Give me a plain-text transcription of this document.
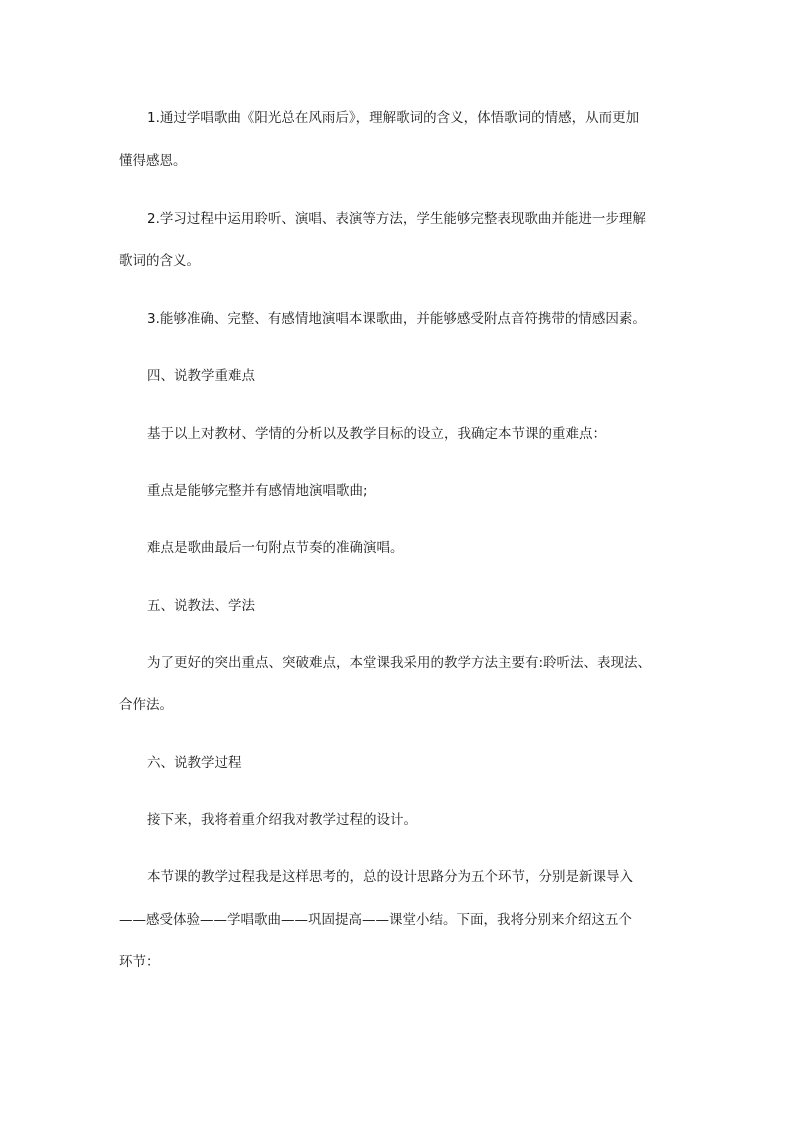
1.通过学唱歌曲《阳光总在风雨后》，理解歌词的含义，体悟歌词的情感，从而更加
懂得感恩。
2.学习过程中运用聆听、演唱、表演等方法，学生能够完整表现歌曲并能进一步理解
歌词的含义。
3.能够准确、完整、有感情地演唱本课歌曲，并能够感受附点音符携带的情感因素。
四、说教学重难点
基于以上对教材、学情的分析以及教学目标的设立，我确定本节课的重难点：
重点是能够完整并有感情地演唱歌曲;
难点是歌曲最后一句附点节奏的准确演唱。
五、说教法、学法
为了更好的突出重点、突破难点，本堂课我采用的教学方法主要有:聆听法、表现法、
合作法。
六、说教学过程
接下来，我将着重介绍我对教学过程的设计。
本节课的教学过程我是这样思考的，总的设计思路分为五个环节，分别是新课导入
——感受体验——学唱歌曲——巩固提高——课堂小结。下面，我将分别来介绍这五个
环节：
